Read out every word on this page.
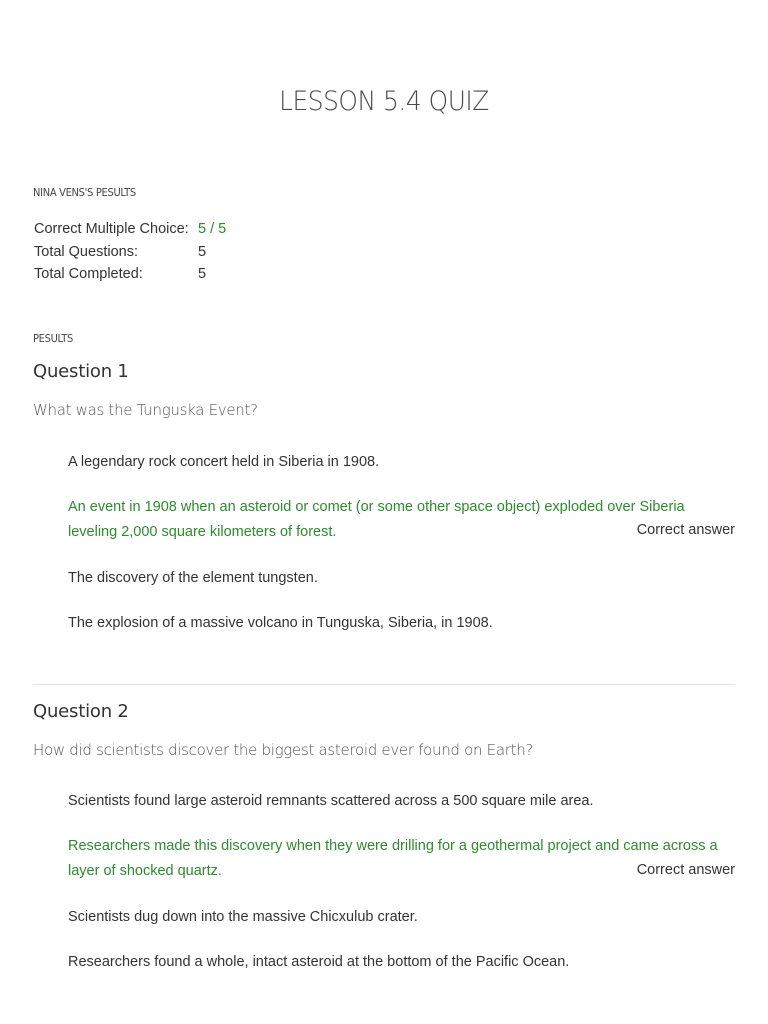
LESSON 5.4 QUIZ
NINA VENS'S PESULTS
Correct Multiple Choice:	5 / 5
Total Questions:	5
Total Completed:	5
PESULTS
Question 1
What was the Tunguska Event?
A legendary rock concert held in Siberia in 1908.
An event in 1908 when an asteroid or comet (or some other space object) exploded over Siberia leveling 2,000 square kilometers of forest.	Correct answer
The discovery of the element tungsten.
The explosion of a massive volcano in Tunguska, Siberia, in 1908.
Question 2
How did scientists discover the biggest asteroid ever found on Earth?
Scientists found large asteroid remnants scattered across a 500 square mile area.
Researchers made this discovery when they were drilling for a geothermal project and came across a layer of shocked quartz.	Correct answer
Scientists dug down into the massive Chicxulub crater.
Researchers found a whole, intact asteroid at the bottom of the Pacific Ocean.
